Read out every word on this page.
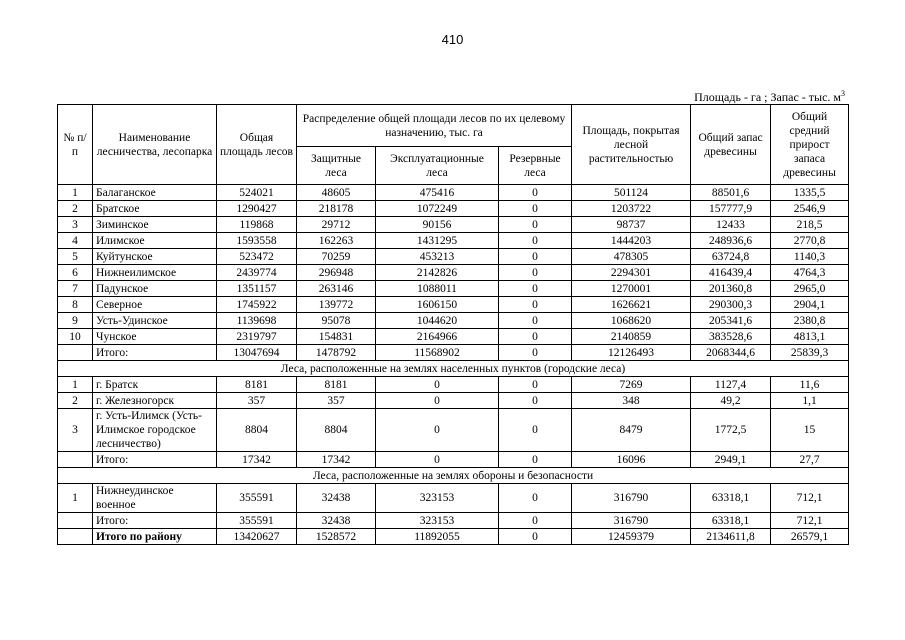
410
Площадь - га ; Запас - тыс. $м^3$
№ п/п	Наименование лесничества, лесопарка	Общая площадь лесов	Распределение общей площади лесов по их целевому назначению, тыс. га			Площадь, покрытая лесной растительностью	Общий запас древесины	Общий средний прирост запаса древесины
			Защитные леса	Эксплуатационные леса	Резервные леса			
1	Балаганское	524021	48605	475416	0	501124	88501,6	1335,5
2	Братское	1290427	218178	1072249	0	1203722	157777,9	2546,9
3	Зиминское	119868	29712	90156	0	98737	12433	218,5
4	Илимское	1593558	162263	1431295	0	1444203	248936,6	2770,8
5	Куйтунское	523472	70259	453213	0	478305	63724,8	1140,3
6	Нижнеилимское	2439774	296948	2142826	0	2294301	416439,4	4764,3
7	Падунское	1351157	263146	1088011	0	1270001	201360,8	2965,0
8	Северное	1745922	139772	1606150	0	1626621	290300,3	2904,1
9	Усть-Удинское	1139698	95078	1044620	0	1068620	205341,6	2380,8
10	Чунское	2319797	154831	2164966	0	2140859	383528,6	4813,1
	Итого:	13047694	1478792	11568902	0	12126493	2068344,6	25839,3
Леса, расположенные на землях населенных пунктов (городские леса)								
1	г. Братск	8181	8181	0	0	7269	1127,4	11,6
2	г. Железногорск	357	357	0	0	348	49,2	1,1
3	г. Усть-Илимск (Усть-Илимское городское лесничество)	8804	8804	0	0	8479	1772,5	15
	Итого:	17342	17342	0	0	16096	2949,1	27,7
Леса, расположенные на землях обороны и безопасности								
1	Нижнеудинское военное	355591	32438	323153	0	316790	63318,1	712,1
	Итого:	355591	32438	323153	0	316790	63318,1	712,1
	Итого по району	13420627	1528572	11892055	0	12459379	2134611,8	26579,1
